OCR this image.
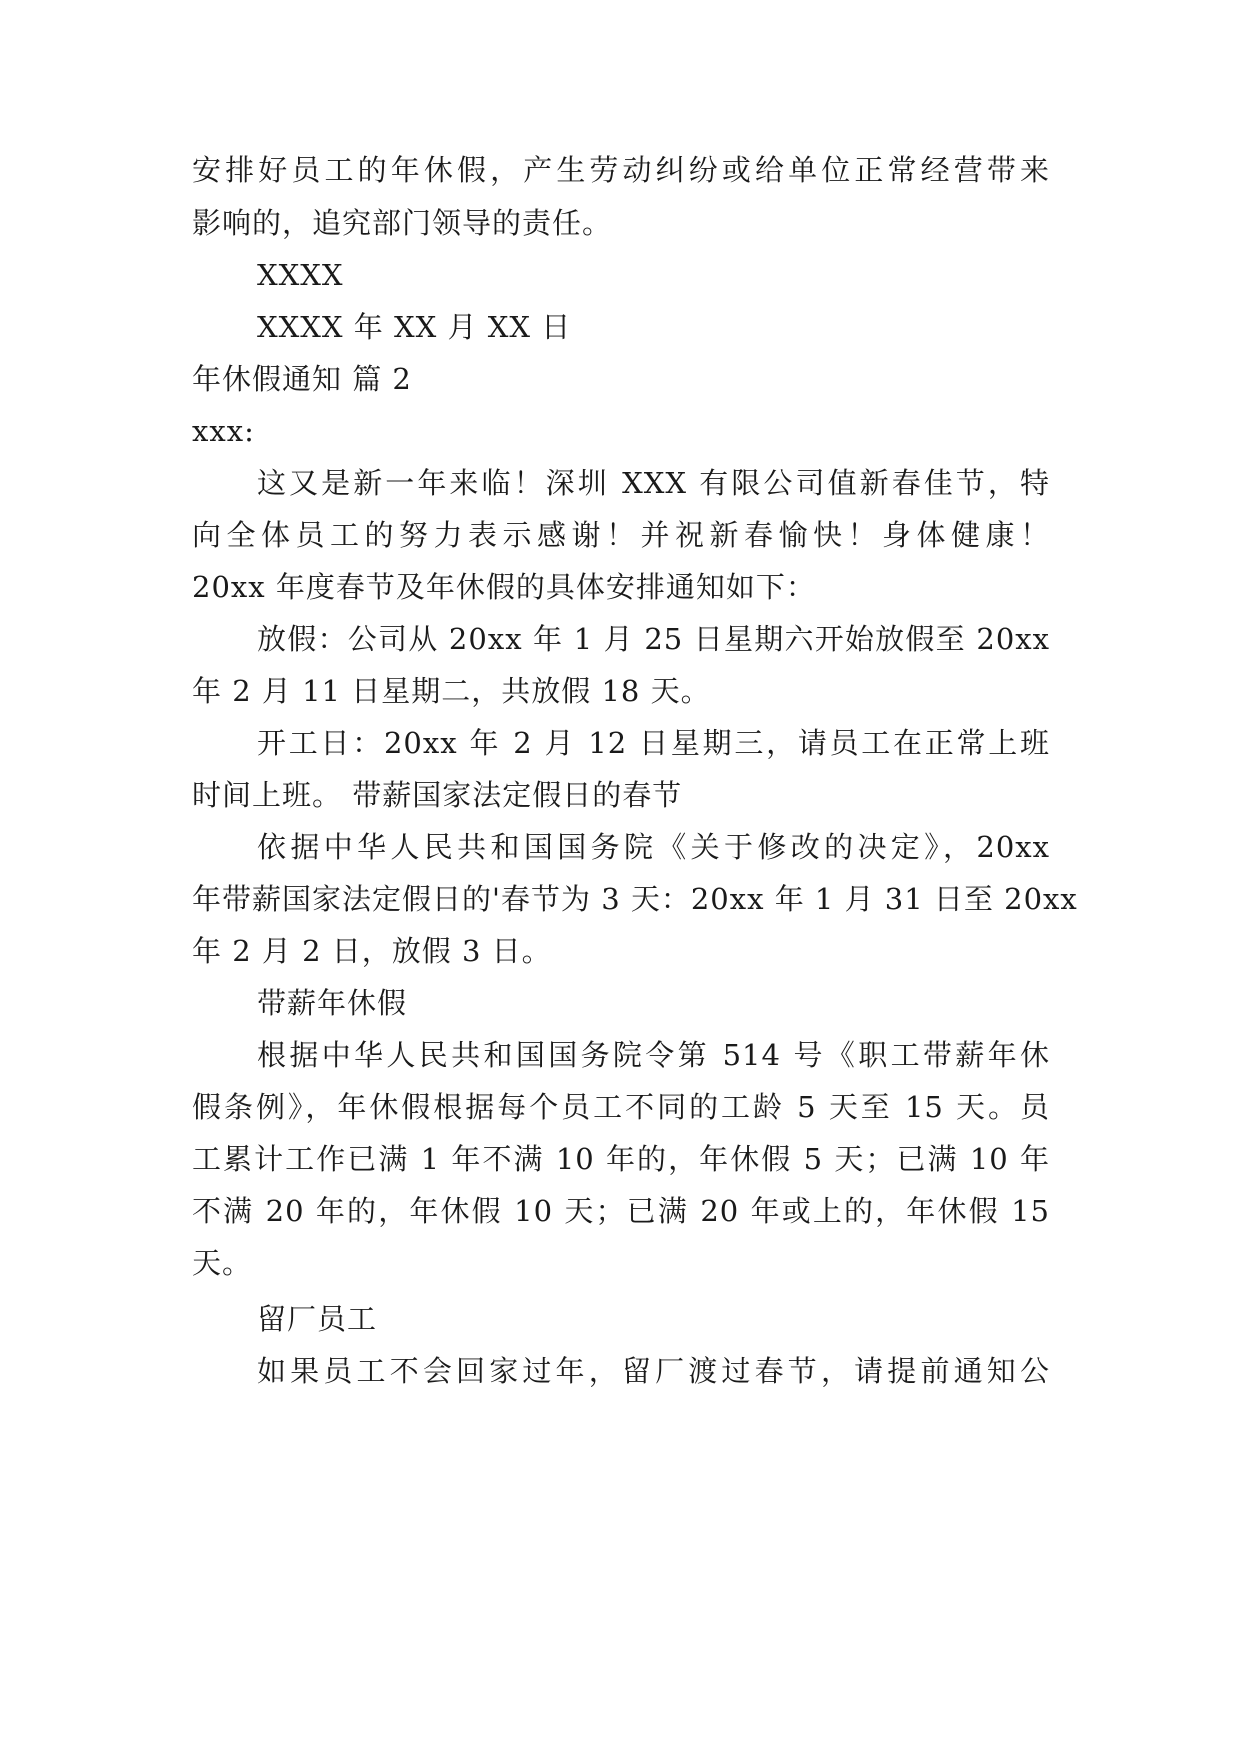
安排好员工的年休假，产生劳动纠纷或给单位正常经营带来
影响的，追究部门领导的责任。
XXXX
XXXX 年 XX 月 XX 日
年休假通知 篇 2
xxx:
这又是新一年来临！深圳 XXX 有限公司值新春佳节，特
向全体员工的努力表示感谢！并祝新春愉快！身体健康！
20xx 年度春节及年休假的具体安排通知如下：
放假：公司从 20xx 年 1 月 25 日星期六开始放假至 20xx
年 2 月 11 日星期二，共放假 18 天。
开工日：20xx 年 2 月 12 日星期三，请员工在正常上班
时间上班。 带薪国家法定假日的春节
依据中华人民共和国国务院《关于修改的决定》，20xx
年带薪国家法定假日的'春节为 3 天：20xx 年 1 月 31 日至 20xx
年 2 月 2 日，放假 3 日。
带薪年休假
根据中华人民共和国国务院令第 514 号《职工带薪年休
假条例》，年休假根据每个员工不同的工龄 5 天至 15 天。员
工累计工作已满 1 年不满 10 年的，年休假 5 天；已满 10 年
不满 20 年的，年休假 10 天；已满 20 年或上的，年休假 15
天。
留厂员工
如果员工不会回家过年，留厂渡过春节，请提前通知公
